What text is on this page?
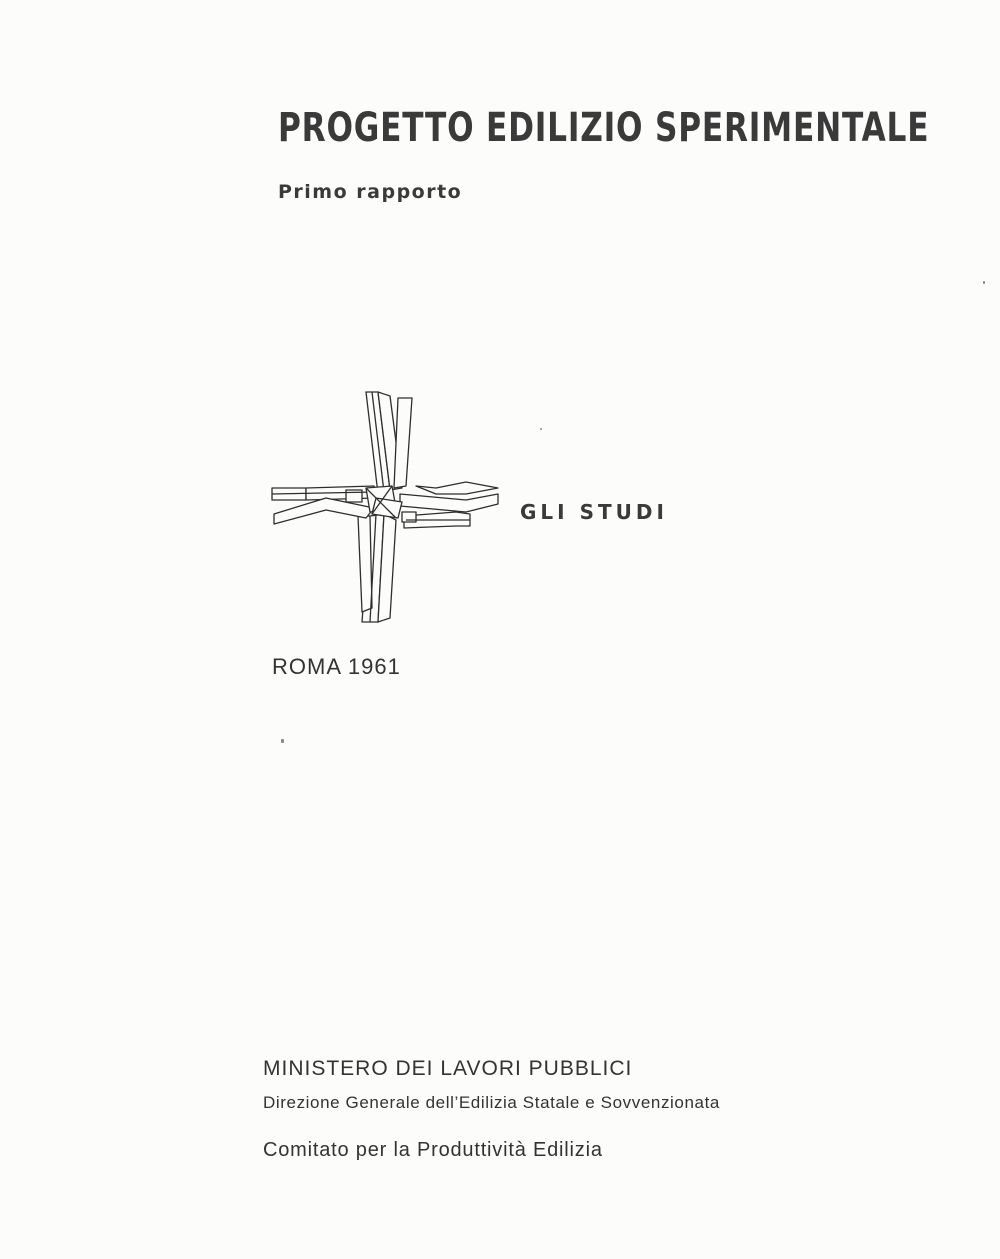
PROGETTO EDILIZIO SPERIMENTALE
Primo rapporto
GLI STUDI
ROMA 1961
MINISTERO DEI LAVORI PUBBLICI
Direzione Generale dell’Edilizia Statale e Sovvenzionata
Comitato per la Produttività Edilizia
